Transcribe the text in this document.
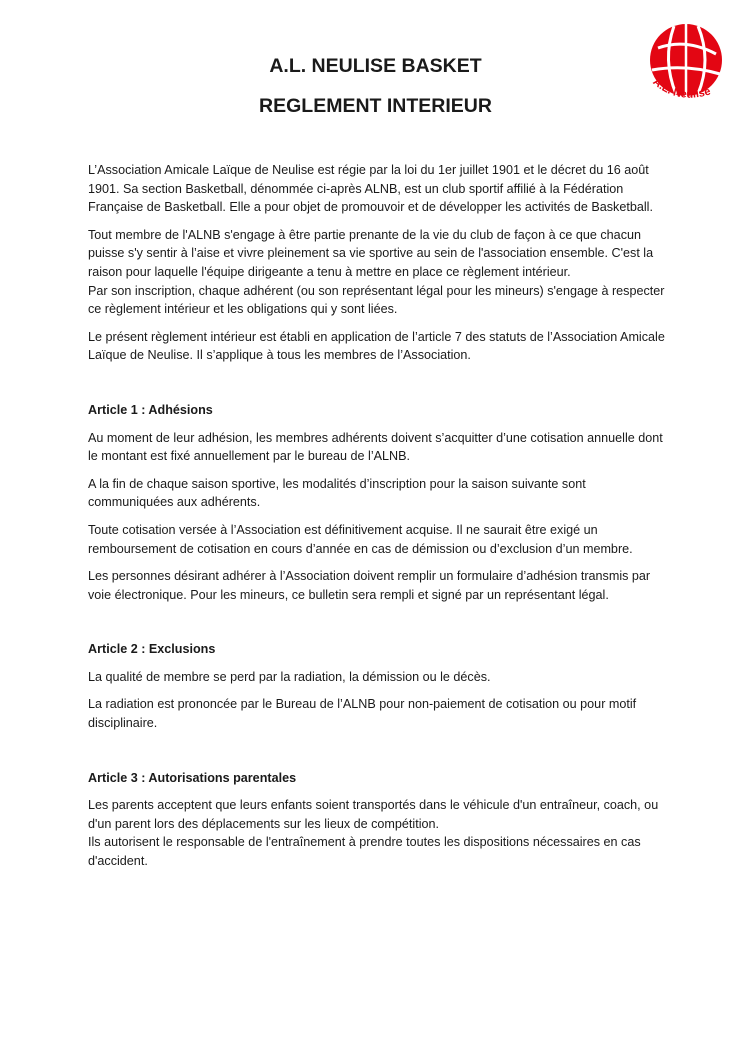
A.L. NEULISE BASKET
REGLEMENT INTERIEUR
A.L. Neulise

L’Association Amicale Laïque de Neulise est régie par la loi du 1er juillet 1901 et le décret du 16 août 1901. Sa section Basketball, dénommée ci-après ALNB, est un club sportif affilié à la Fédération Française de Basketball. Elle a pour objet de promouvoir et de développer les activités de Basketball.

Tout membre de l'ALNB s'engage à être partie prenante de la vie du club de façon à ce que chacun puisse s'y sentir à l’aise et vivre pleinement sa vie sportive au sein de l'association ensemble. C'est la raison pour laquelle l'équipe dirigeante a tenu à mettre en place ce règlement intérieur.

Par son inscription, chaque adhérent (ou son représentant légal pour les mineurs) s'engage à respecter ce règlement intérieur et les obligations qui y sont liées.

Le présent règlement intérieur est établi en application de l’article 7 des statuts de l’Association Amicale Laïque de Neulise. Il s’applique à tous les membres de l’Association.

Article 1 : Adhésions

Au moment de leur adhésion, les membres adhérents doivent s’acquitter d’une cotisation annuelle dont le montant est fixé annuellement par le bureau de l’ALNB.

A la fin de chaque saison sportive, les modalités d’inscription pour la saison suivante sont communiquées aux adhérents.

Toute cotisation versée à l’Association est définitivement acquise. Il ne saurait être exigé un remboursement de cotisation en cours d’année en cas de démission ou d’exclusion d’un membre.

Les personnes désirant adhérer à l’Association doivent remplir un formulaire d’adhésion transmis par voie électronique. Pour les mineurs, ce bulletin sera rempli et signé par un représentant légal.

Article 2 : Exclusions

La qualité de membre se perd par la radiation, la démission ou le décès.

La radiation est prononcée par le Bureau de l’ALNB pour non-paiement de cotisation ou pour motif disciplinaire.

Article 3 : Autorisations parentales

Les parents acceptent que leurs enfants soient transportés dans le véhicule d'un entraîneur, coach, ou d'un parent lors des déplacements sur les lieux de compétition.

Ils autorisent le responsable de l'entraînement à prendre toutes les dispositions nécessaires en cas d'accident.
